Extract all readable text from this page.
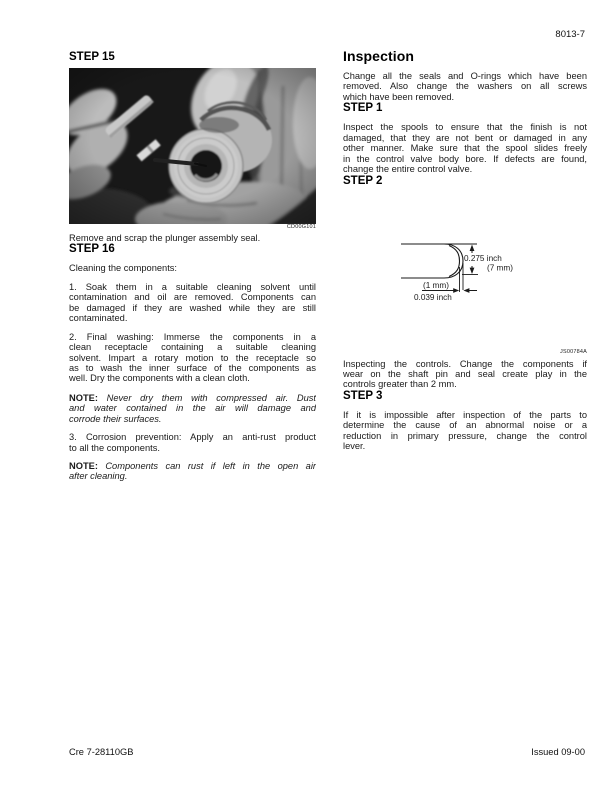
8013-7
STEP 15
CD00G101
Remove and scrap the plunger assembly seal.
STEP 16
Cleaning the components:
1. Soak them in a suitable cleaning solvent until
contamination and oil are removed. Components can
be damaged if they are washed while they are still
contaminated.
2. Final washing: Immerse the components in a
clean receptacle containing a suitable cleaning
solvent. Impart a rotary motion to the receptacle so
as to wash the inner surface of the components as
well. Dry the components with a clean cloth.
NOTE: Never dry them with compressed air. Dust
and water contained in the air will damage and
corrode their surfaces.
3. Corrosion prevention: Apply an anti-rust product
to all the components.
NOTE: Components can rust if left in the open air
after cleaning.
Inspection
Change all the seals and O-rings which have been
removed. Also change the washers on all screws
which have been removed.
STEP 1
Inspect the spools to ensure that the finish is not
damaged, that they are not bent or damaged in any
other manner. Make sure that the spool slides freely
in the control valve body bore. If defects are found,
change the entire control valve.
STEP 2
0.275 inch
(7 mm)
(1 mm)
0.039 inch
JS00784A
Inspecting the controls. Change the components if
wear on the shaft pin and seal create play in the
controls greater than 2 mm.
STEP 3
If it is impossible after inspection of the parts to
determine the cause of an abnormal noise or a
reduction in primary pressure, change the control
lever.
Cre 7-28110GB	Issued 09-00
